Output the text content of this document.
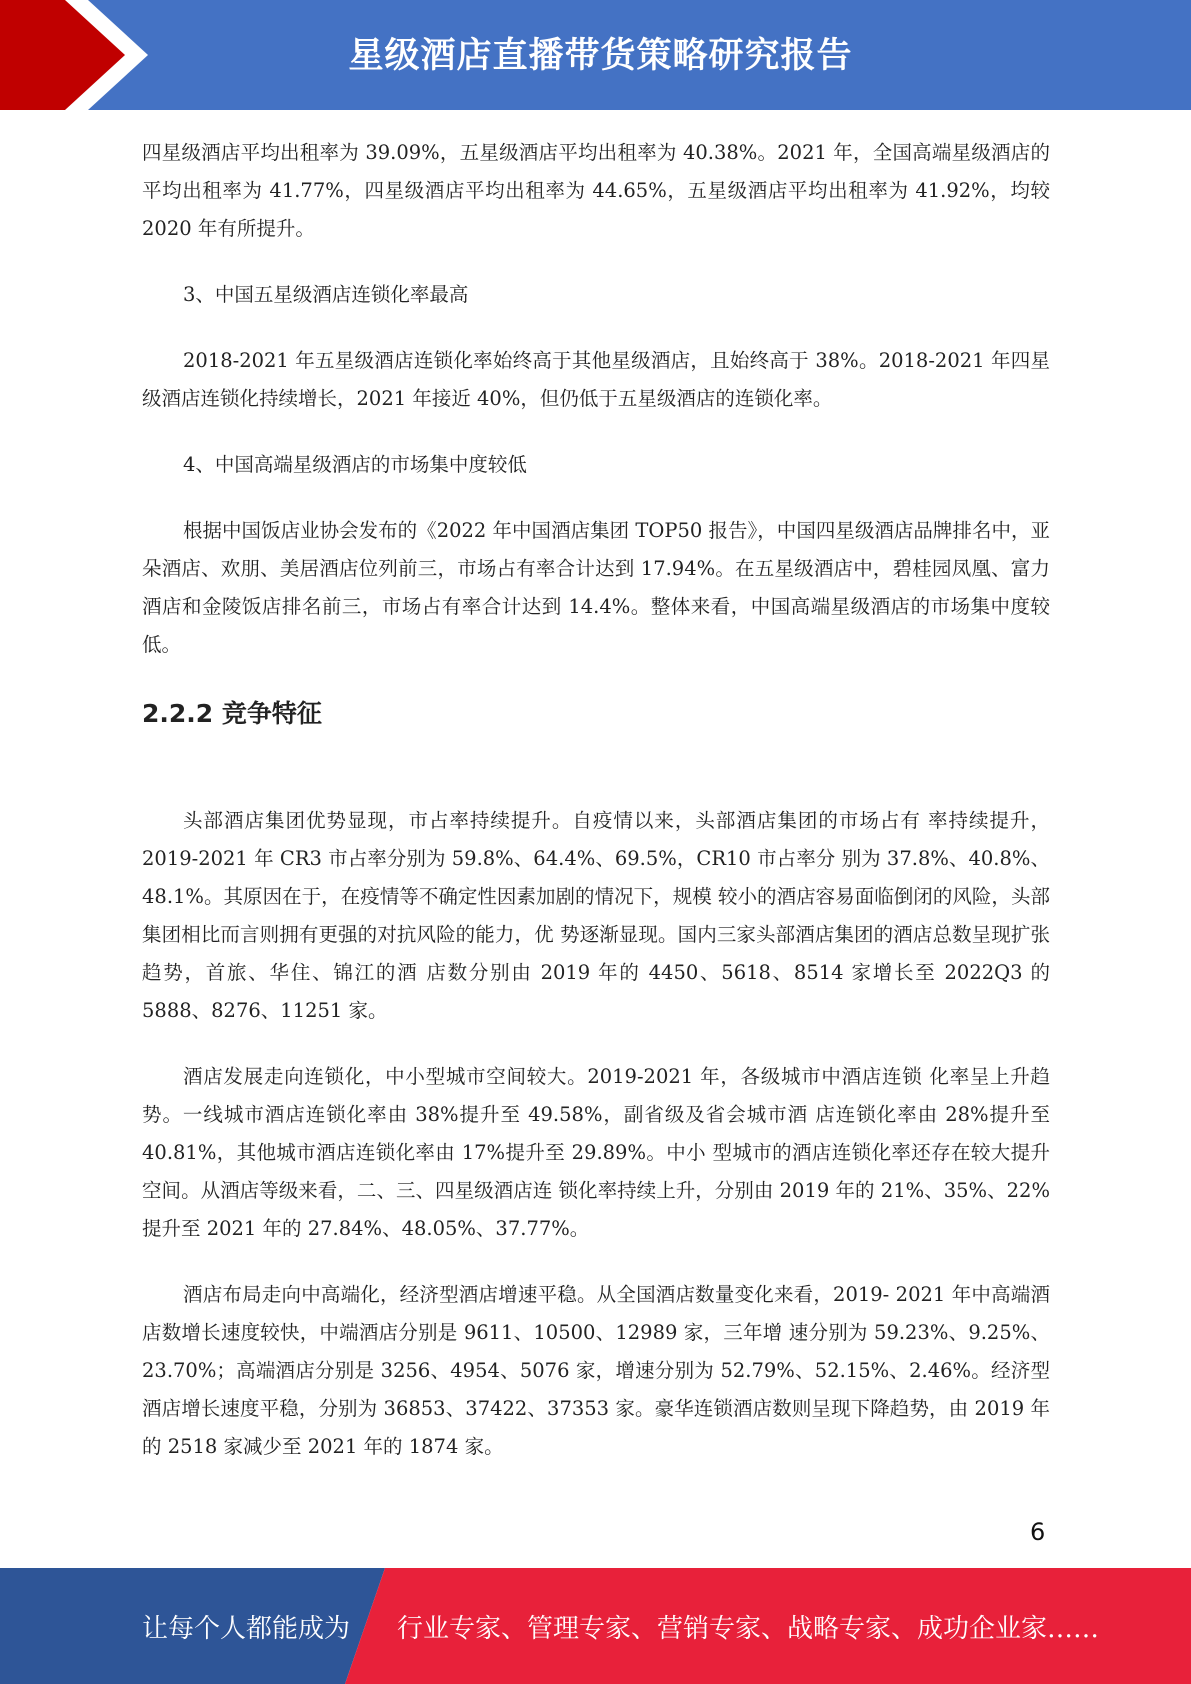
星级酒店直播带货策略研究报告

四星级酒店平均出租率为 39.09%，五星级酒店平均出租率为 40.38%。2021 年，全国高端星级酒店的平均出租率为 41.77%，四星级酒店平均出租率为 44.65%，五星级酒店平均出租率为 41.92%，均较 2020 年有所提升。

3、中国五星级酒店连锁化率最高

2018-2021 年五星级酒店连锁化率始终高于其他星级酒店，且始终高于 38%。2018-2021 年四星级酒店连锁化持续增长，2021 年接近 40%，但仍低于五星级酒店的连锁化率。

4、中国高端星级酒店的市场集中度较低

根据中国饭店业协会发布的《2022 年中国酒店集团 TOP50 报告》，中国四星级酒店品牌排名中，亚朵酒店、欢朋、美居酒店位列前三，市场占有率合计达到 17.94%。在五星级酒店中，碧桂园凤凰、富力酒店和金陵饭店排名前三，市场占有率合计达到 14.4%。整体来看，中国高端星级酒店的市场集中度较低。

2.2.2 竞争特征

头部酒店集团优势显现，市占率持续提升。自疫情以来，头部酒店集团的市场占有 率持续提升，2019-2021 年 CR3 市占率分别为 59.8%、64.4%、69.5%，CR10 市占率分 别为 37.8%、40.8%、48.1%。其原因在于，在疫情等不确定性因素加剧的情况下，规模 较小的酒店容易面临倒闭的风险，头部集团相比而言则拥有更强的对抗风险的能力，优 势逐渐显现。国内三家头部酒店集团的酒店总数呈现扩张趋势，首旅、华住、锦江的酒 店数分别由 2019 年的 4450、5618、8514 家增长至 2022Q3 的 5888、8276、11251 家。

酒店发展走向连锁化，中小型城市空间较大。2019-2021 年，各级城市中酒店连锁 化率呈上升趋势。一线城市酒店连锁化率由 38%提升至 49.58%，副省级及省会城市酒 店连锁化率由 28%提升至 40.81%，其他城市酒店连锁化率由 17%提升至 29.89%。中小 型城市的酒店连锁化率还存在较大提升空间。从酒店等级来看，二、三、四星级酒店连 锁化率持续上升，分别由 2019 年的 21%、35%、22%提升至 2021 年的 27.84%、48.05%、37.77%。

酒店布局走向中高端化，经济型酒店增速平稳。从全国酒店数量变化来看，2019- 2021 年中高端酒店数增长速度较快，中端酒店分别是 9611、10500、12989 家，三年增 速分别为 59.23%、9.25%、23.70%；高端酒店分别是 3256、4954、5076 家，增速分别为 52.79%、52.15%、2.46%。经济型酒店增长速度平稳，分别为 36853、37422、37353 家。豪华连锁酒店数则呈现下降趋势，由 2019 年的 2518 家减少至 2021 年的 1874 家。

6
让每个人都能成为 行业专家、管理专家、营销专家、战略专家、成功企业家……
